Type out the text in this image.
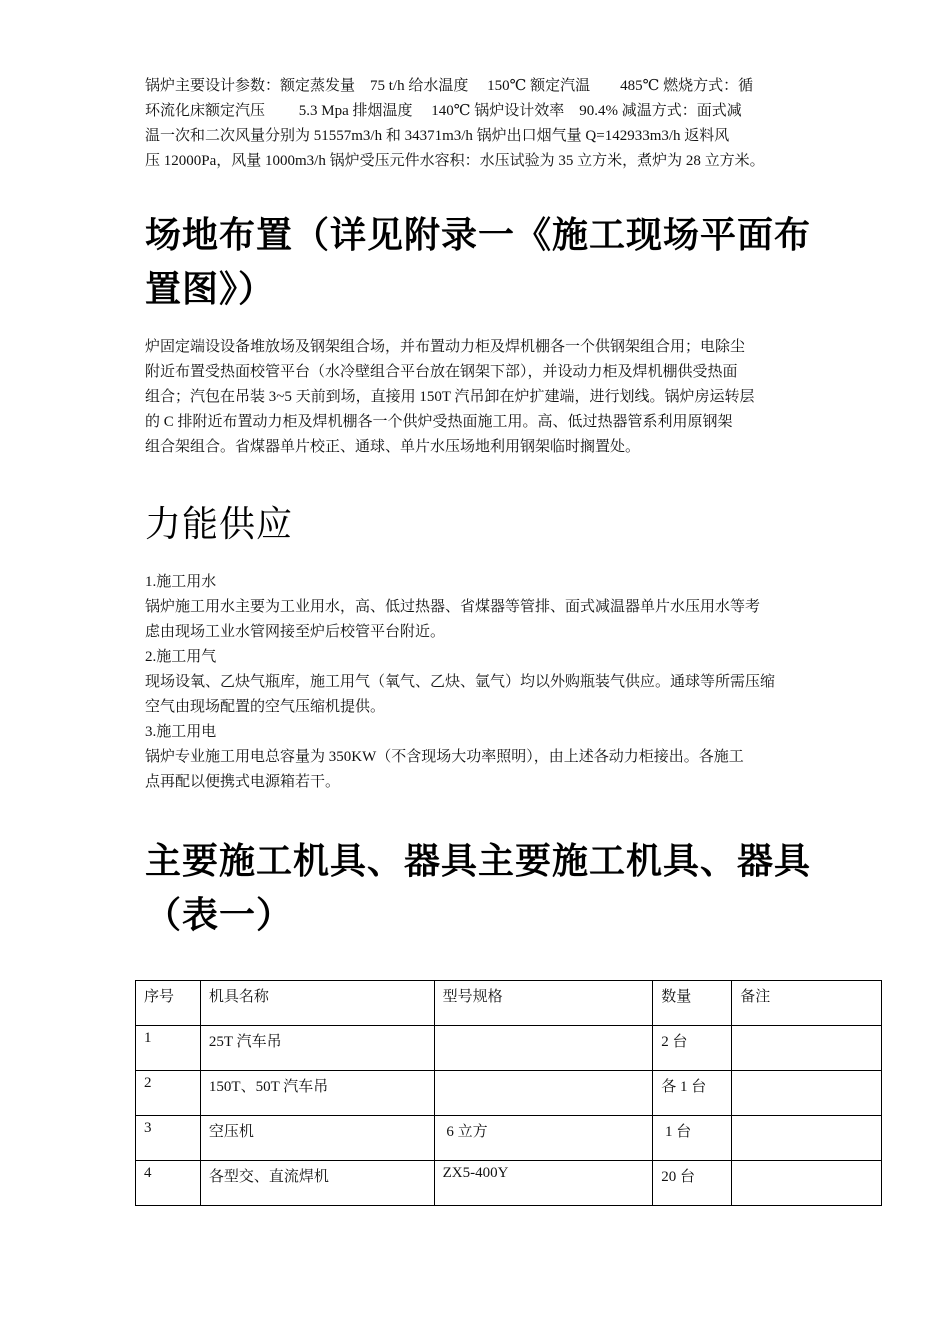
锅炉主要设计参数：额定蒸发量　75 t/h 给水温度　 150℃ 额定汽温　　485℃ 燃烧方式：循
环流化床额定汽压　　 5.3 Mpa 排烟温度　 140℃ 锅炉设计效率　90.4% 减温方式：面式减
温一次和二次风量分别为 51557m3/h 和 34371m3/h 锅炉出口烟气量 Q=142933m3/h 返料风
压 12000Pa，风量 1000m3/h 锅炉受压元件水容积：水压试验为 35 立方米，煮炉为 28 立方米。

场地布置（详见附录一《施工现场平面布
置图》）

炉固定端设设备堆放场及钢架组合场，并布置动力柜及焊机棚各一个供钢架组合用；电除尘
附近布置受热面校管平台（水冷壁组合平台放在钢架下部），并设动力柜及焊机棚供受热面
组合；汽包在吊装 3~5 天前到场，直接用 150T 汽吊卸在炉扩建端，进行划线。锅炉房运转层
的 C 排附近布置动力柜及焊机棚各一个供炉受热面施工用。高、低过热器管系利用原钢架
组合架组合。省煤器单片校正、通球、单片水压场地利用钢架临时搁置处。

力能供应

1.施工用水
锅炉施工用水主要为工业用水，高、低过热器、省煤器等管排、面式减温器单片水压用水等考
虑由现场工业水管网接至炉后校管平台附近。

2.施工用气
现场设氧、乙炔气瓶库，施工用气（氧气、乙炔、氩气）均以外购瓶装气供应。通球等所需压缩
空气由现场配置的空气压缩机提供。

3.施工用电
锅炉专业施工用电总容量为 350KW（不含现场大功率照明），由上述各动力柜接出。各施工
点再配以便携式电源箱若干。

主要施工机具、器具主要施工机具、器具
（表一）
序号	机具名称	型号规格	数量	备注
1	25T 汽车吊		2 台	
2	150T、50T 汽车吊		各 1 台	
3	空压机	6 立方	1 台	
4	各型交、直流焊机	ZX5-400Y	20 台	
